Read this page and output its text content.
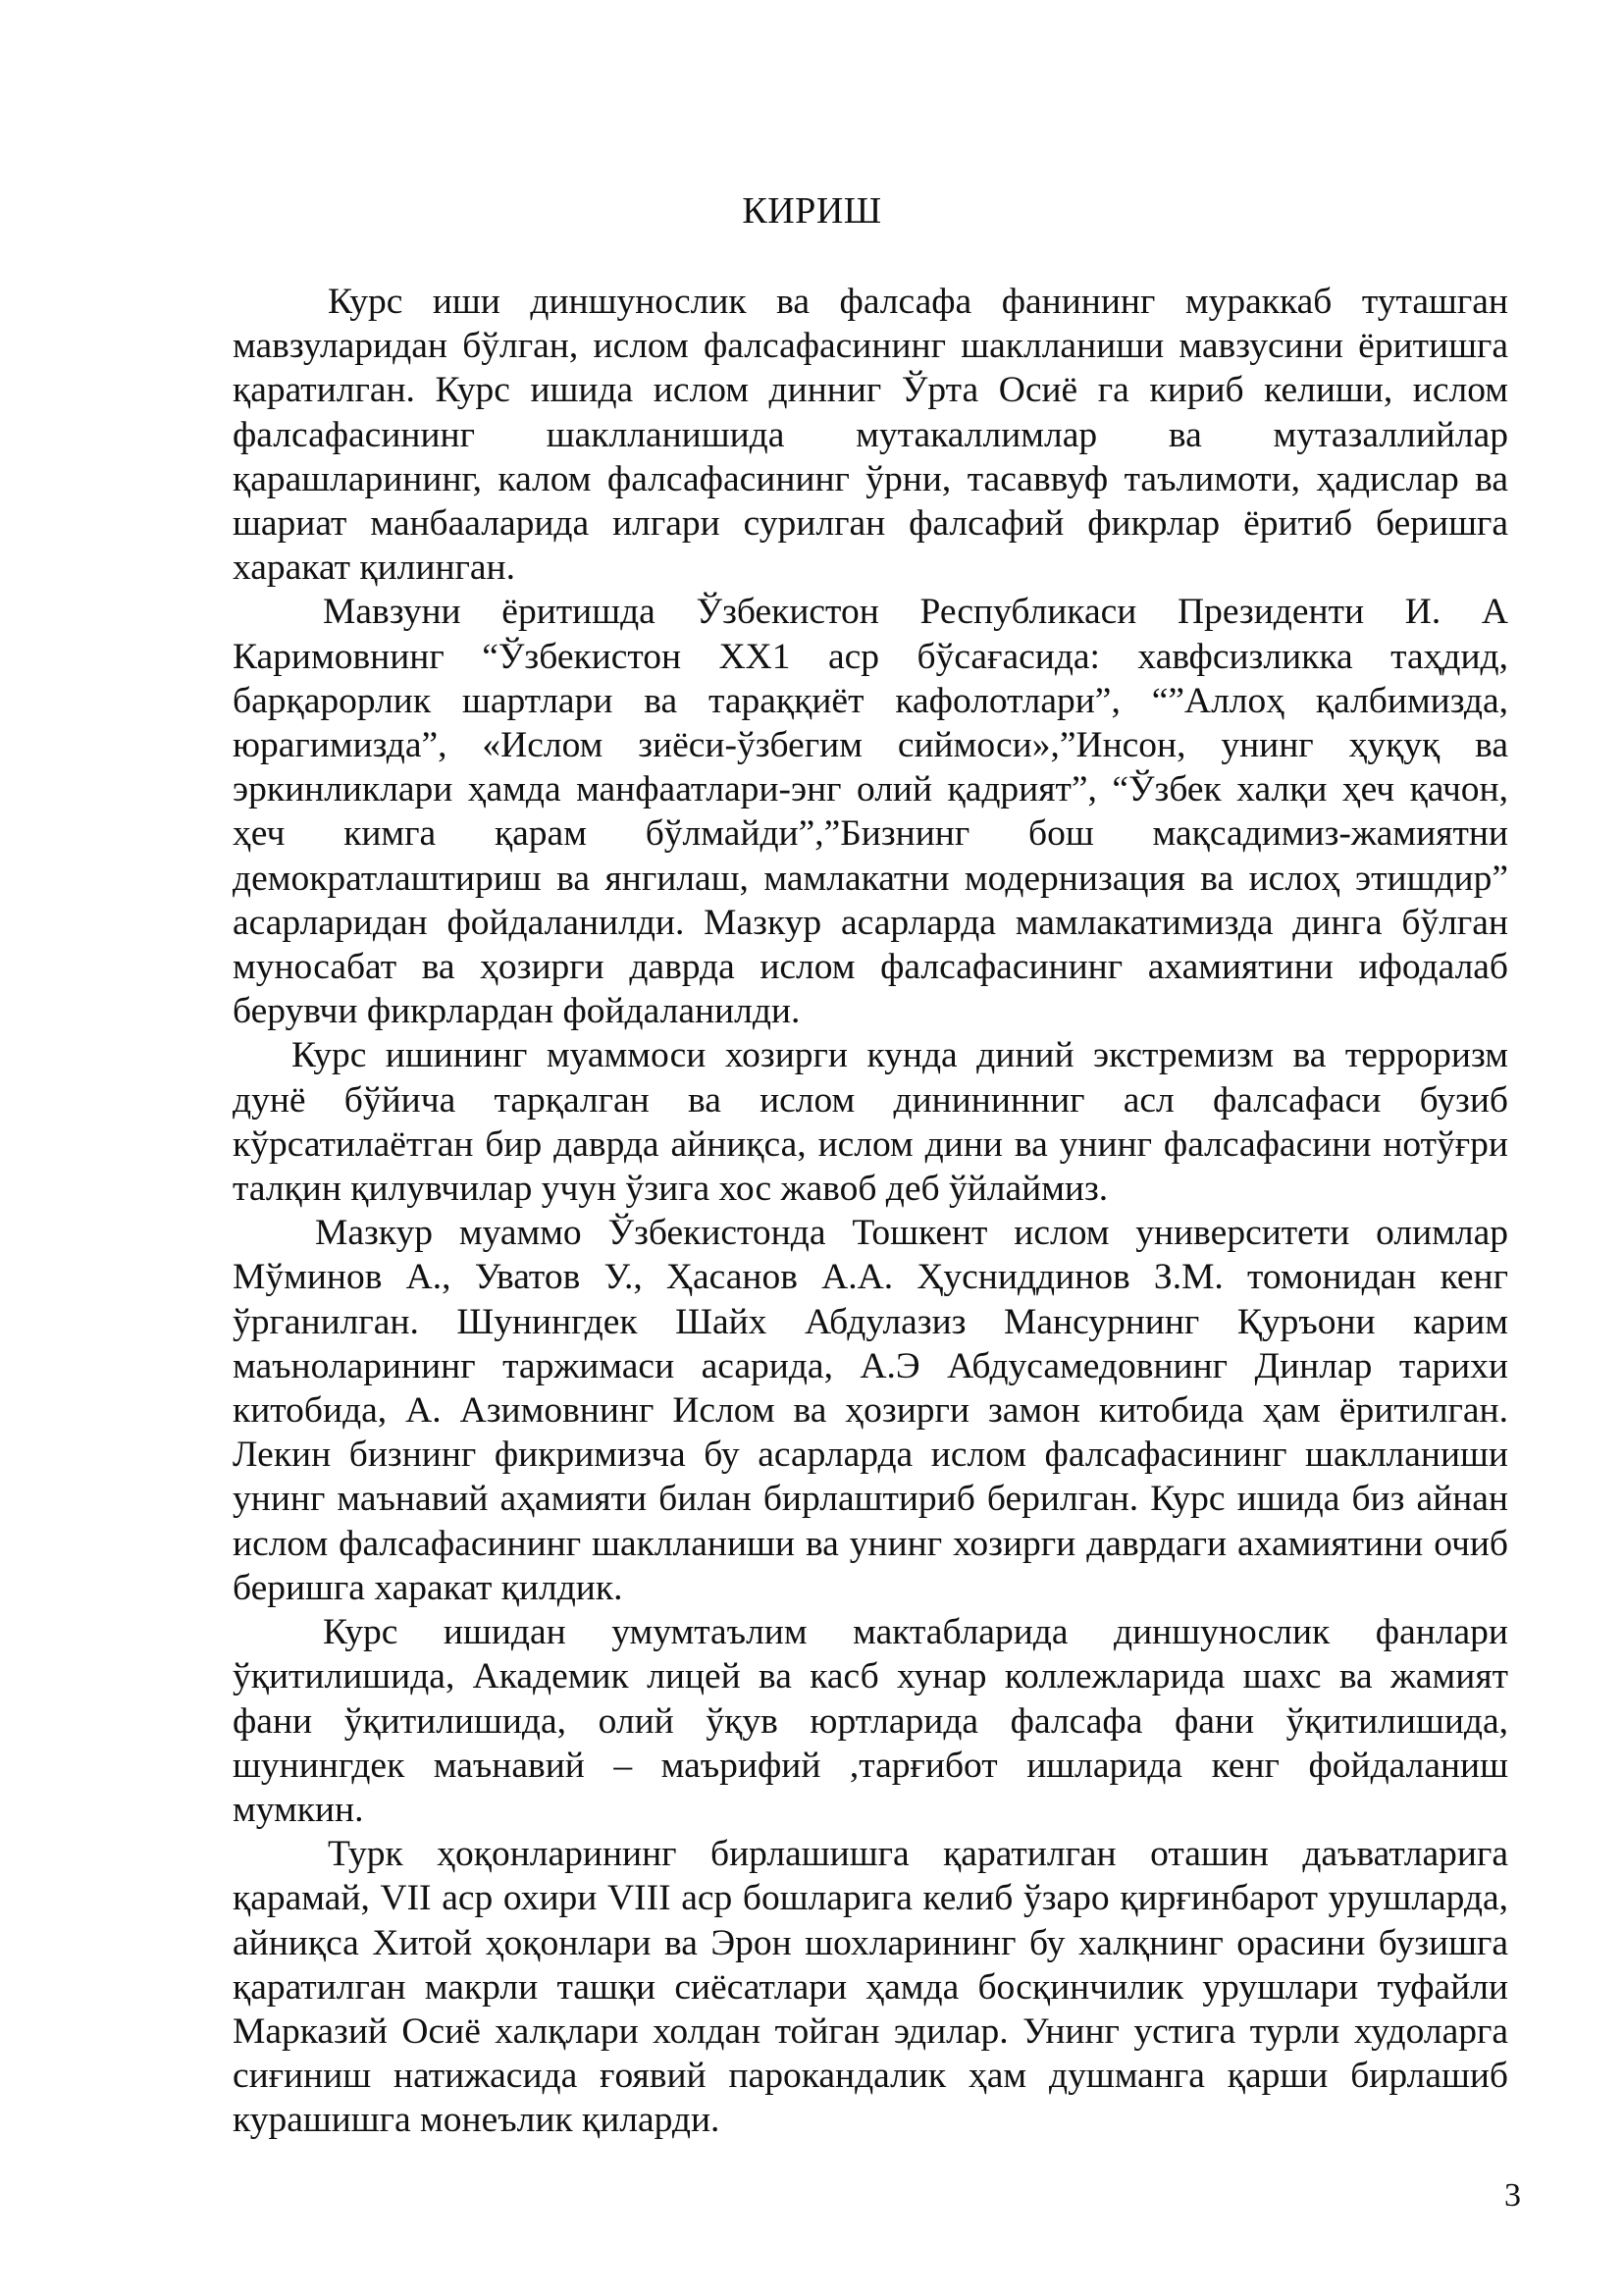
КИРИШ

Курс иши диншунослик ва фалсафа фанининг мураккаб туташган мавзуларидан бўлган, ислом фалсафасининг шаклланиши мавзусини ёритишга қаратилган. Курс ишида ислом динниг Ўрта Осиё га кириб келиши, ислом фалсафасининг шаклланишида мутакаллимлар ва мутазаллийлар қарашларининг, калом фалсафасининг ўрни, тасаввуф таълимоти, ҳадислар ва шариат манбааларида илгари сурилган фалсафий фикрлар ёритиб беришга харакат қилинган.

Мавзуни ёритишда Ўзбекистон Республикаси Президенти И. А Каримовнинг “Ўзбекистон ХХ1 аср бўсағасида: хавфсизликка таҳдид, барқарорлик шартлари ва тараққиёт кафолотлари”, “”Аллоҳ қалбимизда, юрагимизда”, «Ислом зиёси-ўзбегим сиймоси»,”Инсон, унинг ҳуқуқ ва эркинликлари ҳамда манфаатлари-энг олий қадрият”, “Ўзбек халқи ҳеч қачон, ҳеч кимга қарам бўлмайди”,”Бизнинг бош мақсадимиз-жамиятни демократлаштириш ва янгилаш, мамлакатни модернизация ва ислоҳ этишдир” асарларидан фойдаланилди. Мазкур асарларда мамлакатимизда динга бўлган муносабат ва ҳозирги даврда ислом фалсафасининг ахамиятини ифодалаб берувчи фикрлардан фойдаланилди.

Курс ишининг муаммоси хозирги кунда диний экстремизм ва терроризм дунё бўйича тарқалган ва ислом динининниг асл фалсафаси бузиб кўрсатилаётган бир даврда айниқса, ислом дини ва унинг фалсафасини нотўғри талқин қилувчилар учун ўзига хос жавоб деб ўйлаймиз.

Мазкур муаммо Ўзбекистонда Тошкент ислом университети олимлар Мўминов А., Уватов У., Ҳасанов А.А. Ҳусниддинов З.М. томонидан кенг ўрганилган. Шунингдек Шайх Абдулазиз Мансурнинг Қуръони карим маъноларининг таржимаси асарида, А.Э Абдусамедовнинг Динлар тарихи китобида, А. Азимовнинг Ислом ва ҳозирги замон китобида ҳам ёритилган. Лекин бизнинг фикримизча бу асарларда ислом фалсафасининг шаклланиши унинг маънавий аҳамияти билан бирлаштириб берилган. Курс ишида биз айнан ислом фалсафасининг шаклланиши ва унинг хозирги даврдаги ахамиятини очиб беришга харакат қилдик.

Курс ишидан умумтаълим мактабларида диншунослик фанлари ўқитилишида, Академик лицей ва касб хунар коллежларида шахс ва жамият фани ўқитилишида, олий ўқув юртларида фалсафа фани ўқитилишида, шунингдек маънавий – маърифий ,тарғибот ишларида кенг фойдаланиш мумкин.

Турк ҳоқонларининг бирлашишга қаратилган оташин даъватларига қарамай, VII аср охири VIII аср бошларига келиб ўзаро қирғинбарот урушларда, айниқса Хитой ҳоқонлари ва Эрон шохларининг бу халқнинг орасини бузишга қаратилган макрли ташқи сиёсатлари ҳамда босқинчилик урушлари туфайли Марказий Осиё халқлари холдан тойган эдилар. Унинг устига турли худоларга сиғиниш натижасида ғоявий парокандалик ҳам душманга қарши бирлашиб курашишга монеълик қиларди.

3
